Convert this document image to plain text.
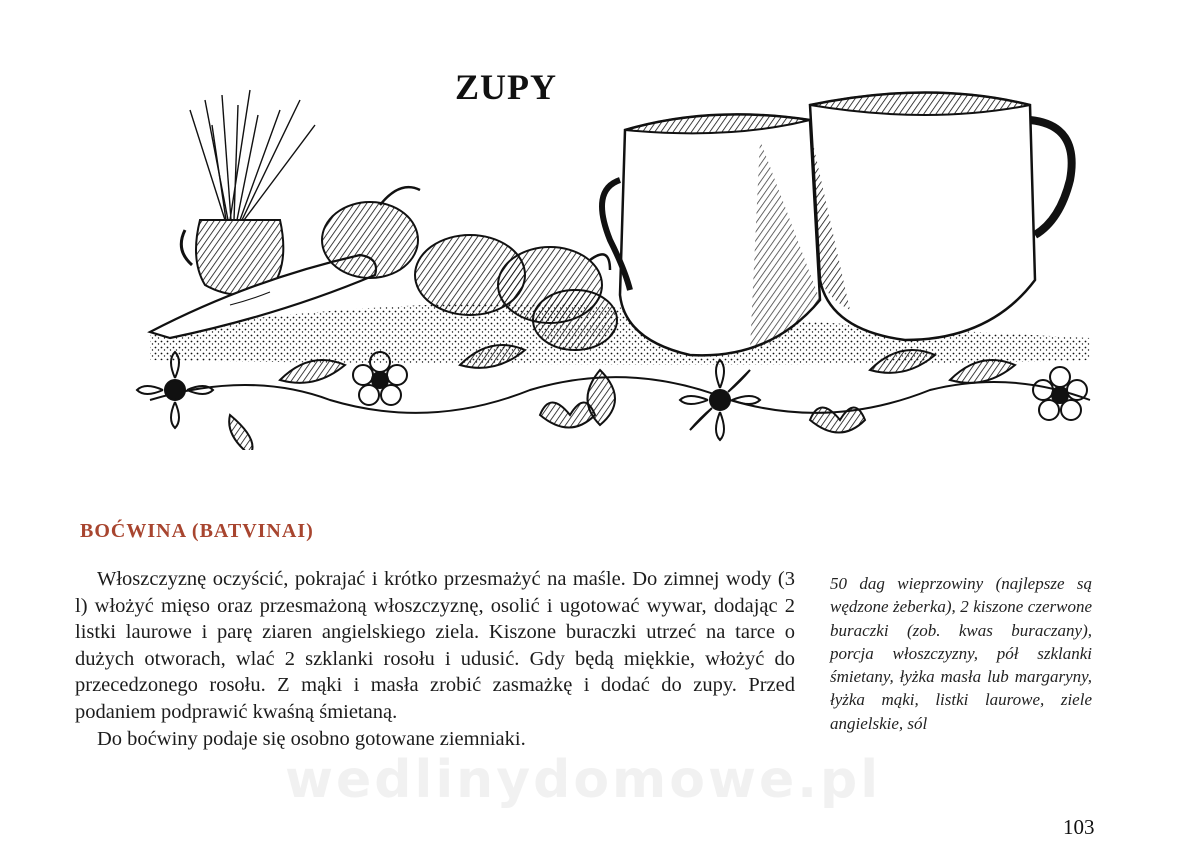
ZUPY
BOĆWINA (BATVINAI)

Włoszczyznę oczyścić, pokrajać i krótko przesmażyć na maśle. Do zimnej wody (3 l) włożyć mięso oraz przesmażoną włoszczyznę, osolić i ugotować wywar, dodając 2 listki laurowe i parę ziaren angielskiego ziela. Kiszone buraczki utrzeć na tarce o dużych otworach, wlać 2 szklanki rosołu i udusić. Gdy będą miękkie, włożyć do przecedzonego rosołu. Z mąki i masła zrobić zasmażkę i dodać do zupy. Przed podaniem podprawić kwaśną śmietaną.

Do boćwiny podaje się osobno gotowane ziemniaki.

50 dag wieprzowiny (najlepsze są wędzone żeberka), 2 kiszone czerwone buraczki (zob. kwas buraczany), porcja włoszczyzny, pół szklanki śmietany, łyżka masła lub margaryny, łyżka mąki, listki laurowe, ziele angielskie, sól
wedlinydomowe.pl
103
